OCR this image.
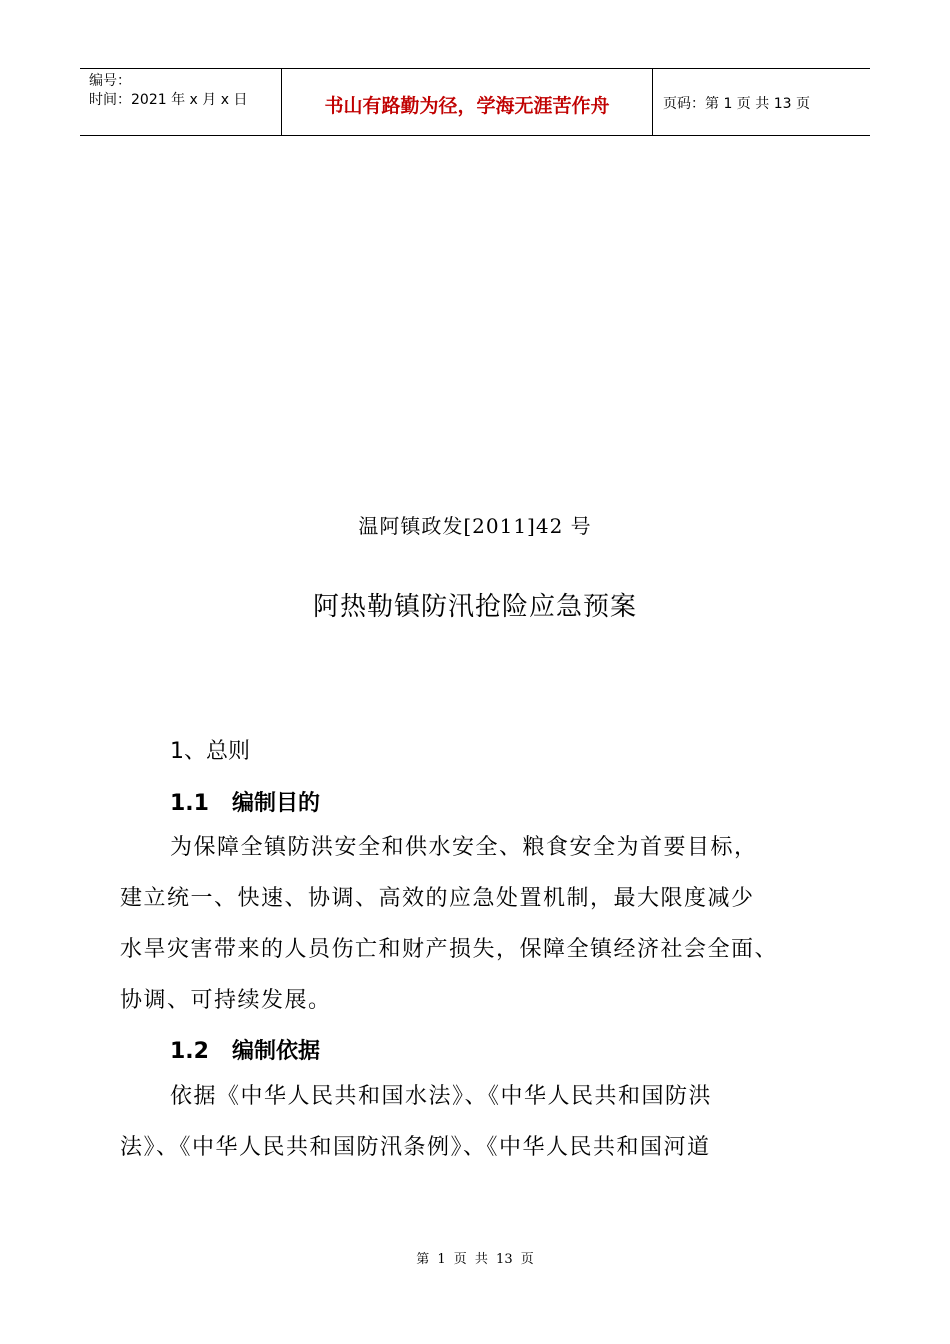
编号：
时间：2021 年 x 月 x 日	书山有路勤为径，学海无涯苦作舟	页码：第 1 页 共 13 页
温阿镇政发[2011]42 号
阿热勒镇防汛抢险应急预案
1、总则
1.1 编制目的
为保障全镇防洪安全和供水安全、粮食安全为首要目标，
建立统一、快速、协调、高效的应急处置机制，最大限度减少
水旱灾害带来的人员伤亡和财产损失，保障全镇经济社会全面、
协调、可持续发展。
1.2 编制依据
依据《中华人民共和国水法》、《中华人民共和国防洪
法》、《中华人民共和国防汛条例》、《中华人民共和国河道
第 1 页 共 13 页
